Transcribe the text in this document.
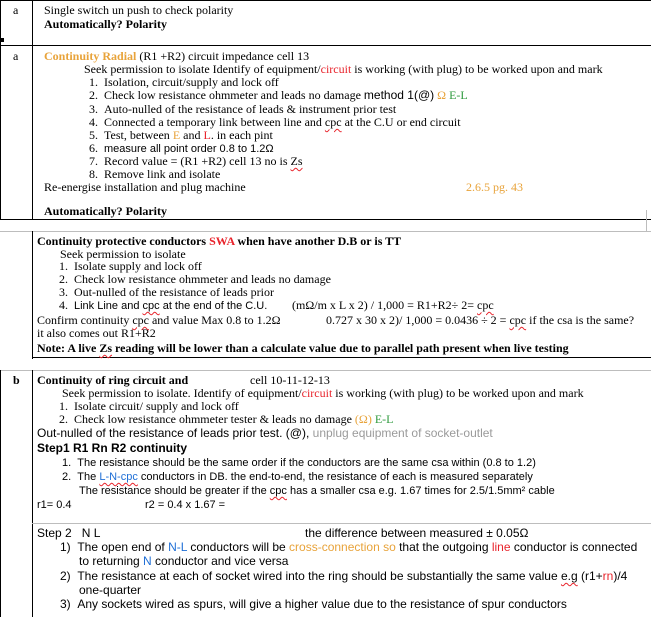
a Single switch un push to check polarity
Automatically? Polarity
a Continuity Radial (R1 +R2) circuit impedance cell 13
Seek permission to isolate Identify of equipment/circuit is working (with plug) to be worked upon and mark
1.  Isolation, circuit/supply and lock off
2.  Check low resistance ohmmeter and leads no damage method 1(@) Ω E-L
3.  Auto-nulled of the resistance of leads & instrument prior test
4.  Connected a temporary link between line and cpc at the C.U or end circuit
5.  Test, between E and L. in each pint
6.  measure all point order 0.8 to 1.2Ω
7.  Record value = (R1 +R2) cell 13 no is Zs
8.  Remove link and isolate
Re-energise installation and plug machine	2.6.5 pg. 43
Automatically? Polarity
Continuity protective conductors SWA when have another D.B or is TT
Seek permission to isolate
1.  Isolate supply and lock off
2.  Check low resistance ohmmeter and leads no damage
3.  Out-nulled of the resistance of leads prior
4.  Link Line and cpc at the end of the C.U. (mΩ/m x L x 2) / 1,000 = R1+R2÷ 2= cpc
Confirm continuity cpc and value Max 0.8 to 1.2Ω	0.727 x 30 x 2)/ 1,000 = 0.0436 ÷ 2 = cpc if the csa is the same?
it also comes out R1+R2
Note: A live Zs reading will be lower than a calculate value due to parallel path present when live testing
b Continuity of ring circuit and	cell 10-11-12-13
Seek permission to isolate. Identify of equipment/circuit is working (with plug) to be worked upon and mark
1.  Isolate circuit/ supply and lock off
2.  Check low resistance ohmmeter tester & leads no damage (Ω) E-L
Out-nulled of the resistance of leads prior test. (@), unplug equipment of socket-outlet
Step1 R1 Rn R2 continuity
1.  The resistance should be the same order if the conductors are the same csa within (0.8 to 1.2)
2.  The L-N-cpc conductors in DB. the end-to-end, the resistance of each is measured separately
The resistance should be greater if the cpc has a smaller csa e.g. 1.67 times for 2.5/1.5mm² cable
r1= 0.4	r2 = 0.4 x 1.67 =
Step 2 N L	the difference between measured ± 0.05Ω
1)  The open end of N-L conductors will be cross-connection so that the outgoing line conductor is connected
to returning N conductor and vice versa
2)  The resistance at each of socket wired into the ring should be substantially the same value e.g (r1+rn)/4
one-quarter
3)  Any sockets wired as spurs, will give a higher value due to the resistance of spur conductors
